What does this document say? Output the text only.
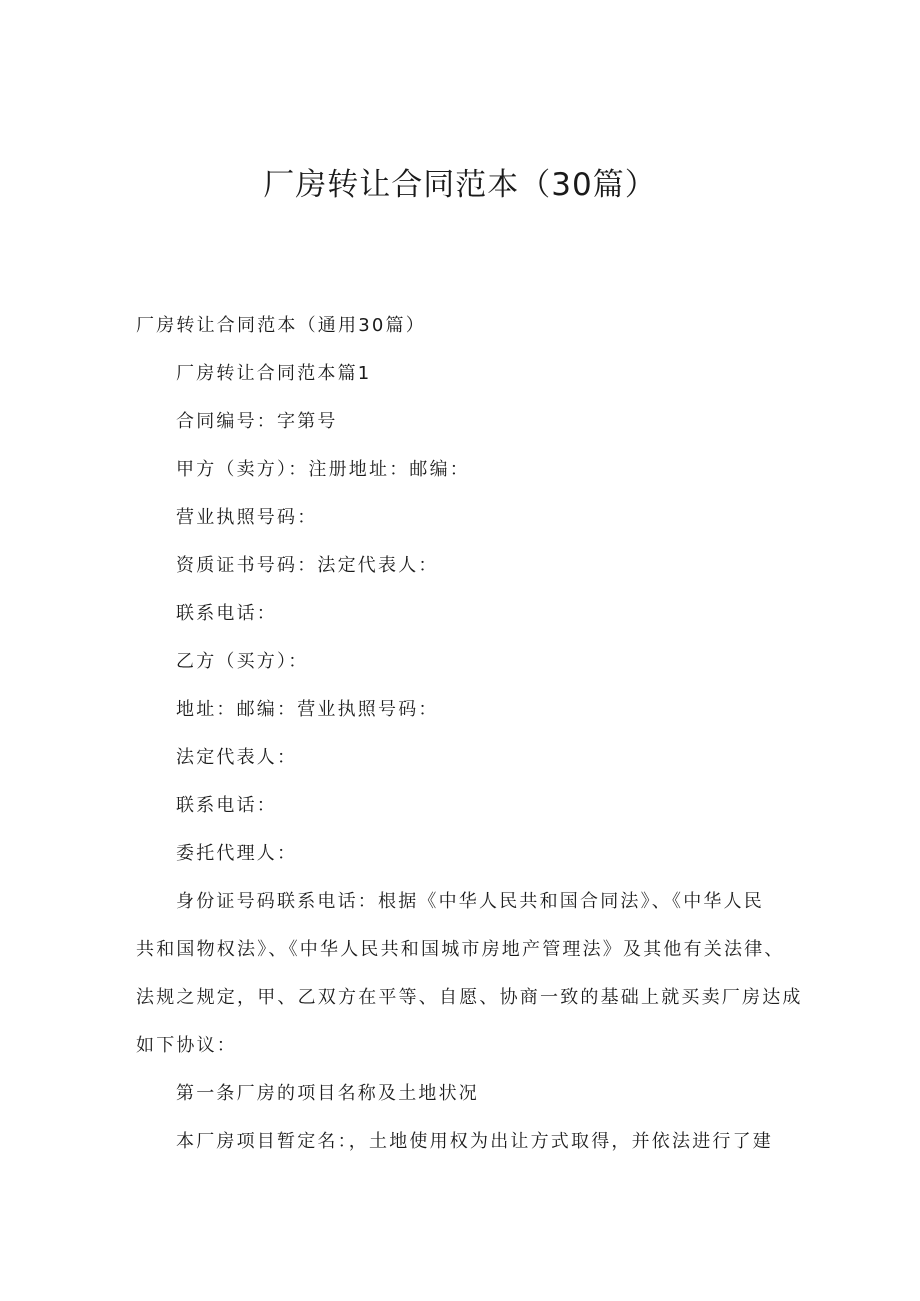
厂房转让合同范本（30篇）

厂房转让合同范本（通用30篇）

厂房转让合同范本篇1

合同编号：字第号

甲方（卖方）：注册地址：邮编：

营业执照号码：

资质证书号码：法定代表人：

联系电话：

乙方（买方）：

地址：邮编：营业执照号码：

法定代表人：

联系电话：

委托代理人：

身份证号码联系电话：根据《中华人民共和国合同法》、《中华人民

共和国物权法》、《中华人民共和国城市房地产管理法》及其他有关法律、

法规之规定，甲、乙双方在平等、自愿、协商一致的基础上就买卖厂房达成

如下协议：

第一条厂房的项目名称及土地状况

本厂房项目暂定名：，土地使用权为出让方式取得，并依法进行了建
